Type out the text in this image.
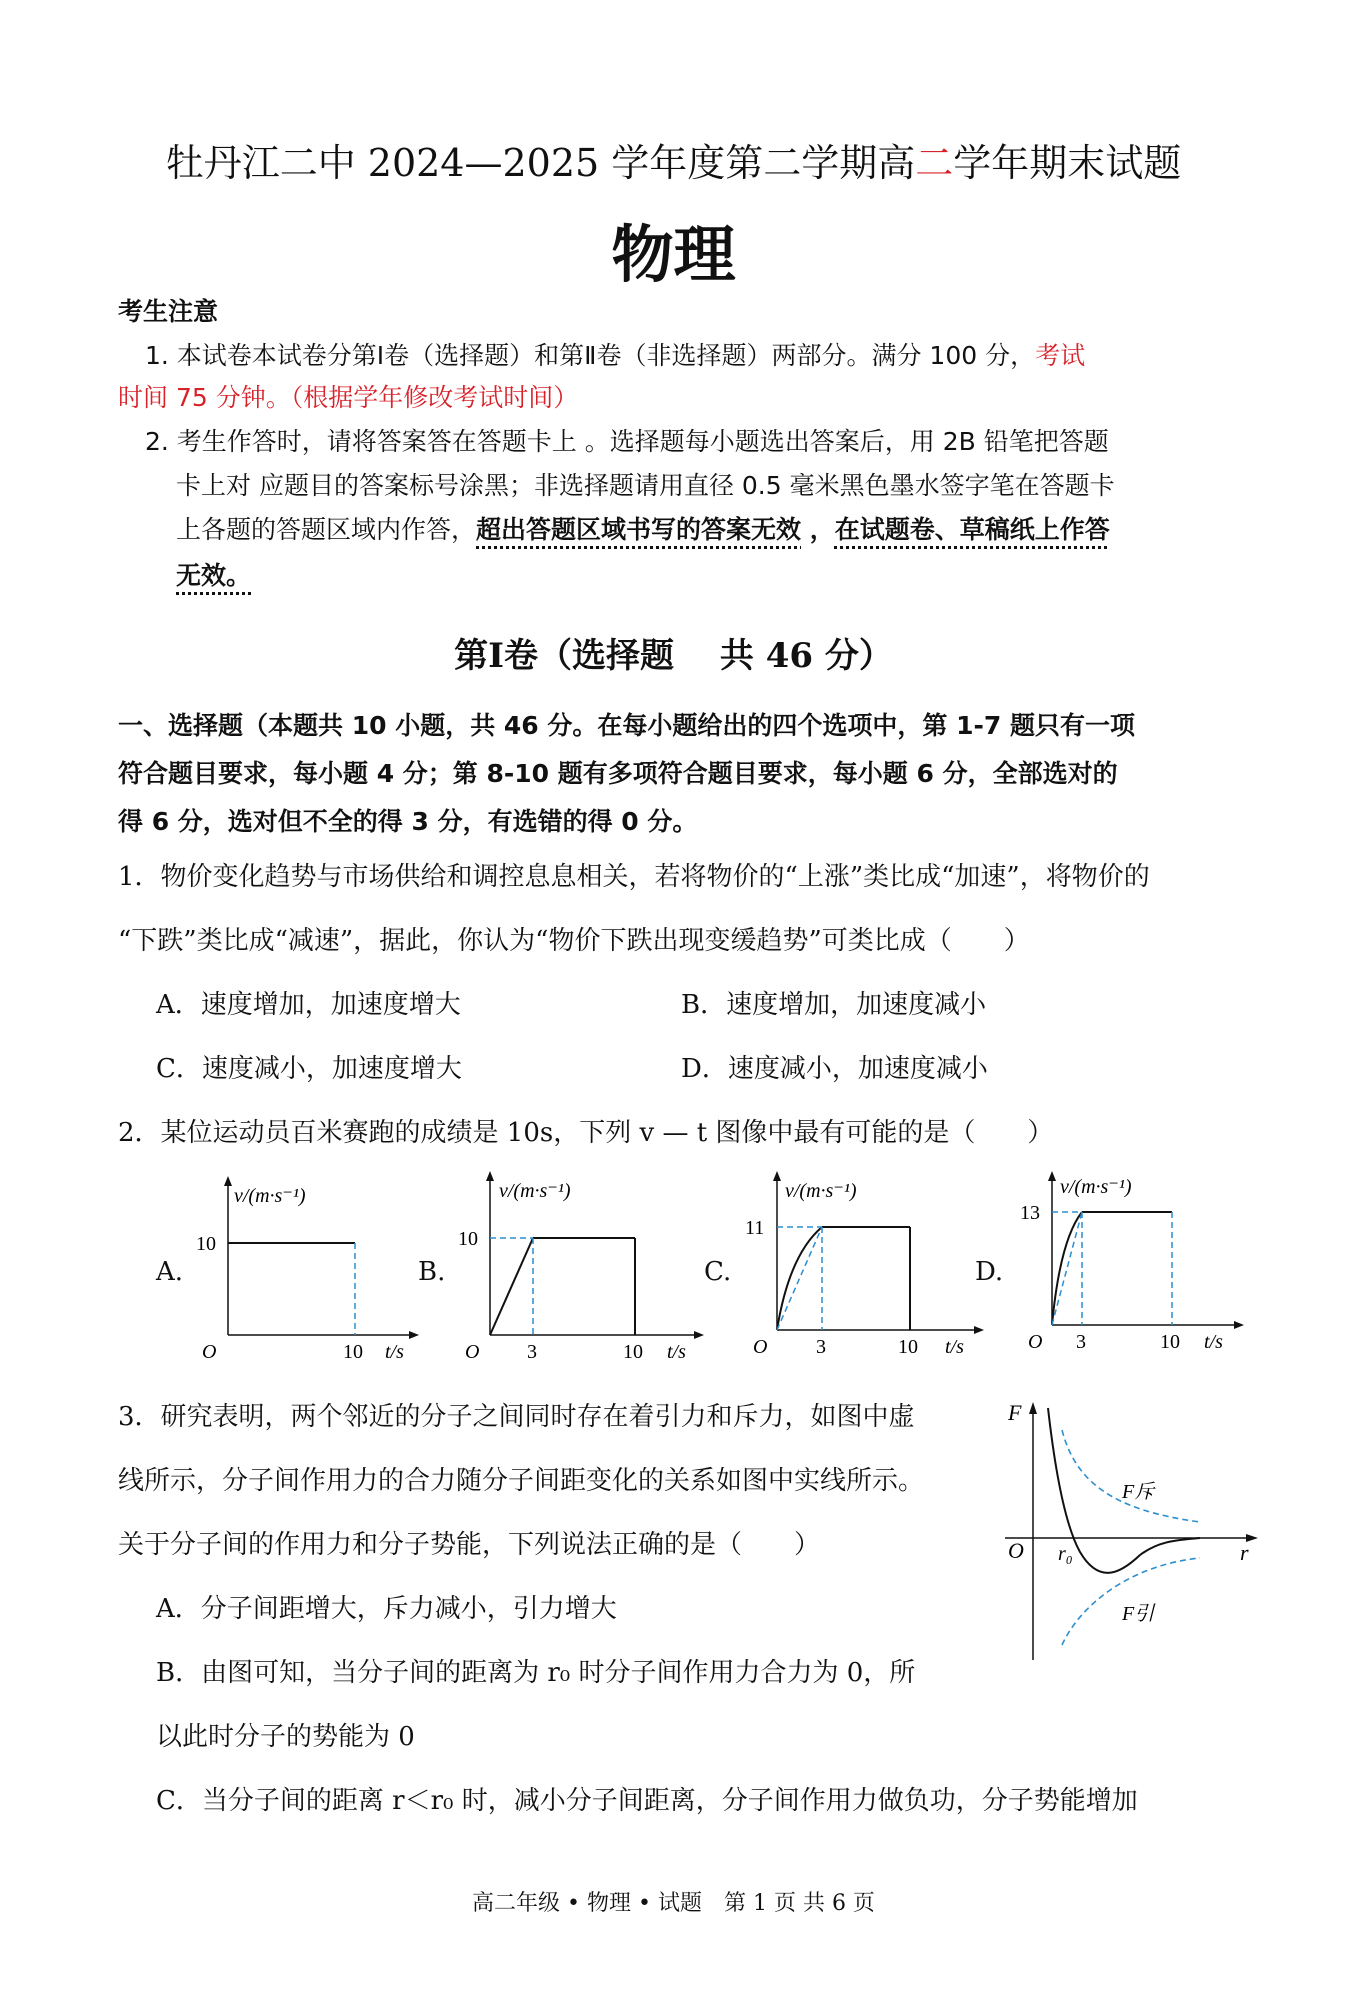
牡丹江二中 2024—2025 学年度第二学期高二学年期末试题
物理
考生注意
1. 本试卷本试卷分第Ⅰ卷（选择题）和第Ⅱ卷（非选择题）两部分。满分 100 分，考试
时间 75 分钟。（根据学年修改考试时间）
2. 考生作答时，请将答案答在答题卡上 。选择题每小题选出答案后，用 2B 铅笔把答题
卡上对 应题目的答案标号涂黑；非选择题请用直径 0.5 毫米黑色墨水签字笔在答题卡
上各题的答题区域内作答，超出答题区域书写的答案无效 ，在试题卷、草稿纸上作答
无效。
第Ⅰ卷（选择题　 共 46 分）
一、选择题（本题共 10 小题，共 46 分。在每小题给出的四个选项中，第 1-7 题只有一项
符合题目要求，每小题 4 分；第 8-10 题有多项符合题目要求，每小题 6 分，全部选对的
得 6 分，选对但不全的得 3 分，有选错的得 0 分。
1．物价变化趋势与市场供给和调控息息相关，若将物价的“上涨”类比成“加速”，将物价的
“下跌”类比成“减速”，据此，你认为“物价下跌出现变缓趋势”可类比成（　　）
A．速度增加，加速度增大	B．速度增加，加速度减小
C．速度减小，加速度增大	D．速度减小，加速度减小
2．某位运动员百米赛跑的成绩是 10s，下列 v — t 图像中最有可能的是（　　）
A.
v/(m·s⁻¹)
10
O	10 t/s
B.
v/(m·s⁻¹)
10
O 3	10 t/s
C.
v/(m·s⁻¹)
11
O 3	10 t/s
D.
v/(m·s⁻¹)
13
O 3	10 t/s
3．研究表明，两个邻近的分子之间同时存在着引力和斥力，如图中虚
线所示，分子间作用力的合力随分子间距变化的关系如图中实线所示。
关于分子间的作用力和分子势能，下列说法正确的是（　　）
A．分子间距增大，斥力减小，引力增大
B．由图可知，当分子间的距离为 r₀ 时分子间作用力合力为 0，所
以此时分子的势能为 0
C．当分子间的距离 r＜r₀ 时，减小分子间距离，分子间作用力做负功，分子势能增加
F
O r₀	r
F斥
F引
高二年级 • 物理 • 试题　第 1 页 共 6 页
